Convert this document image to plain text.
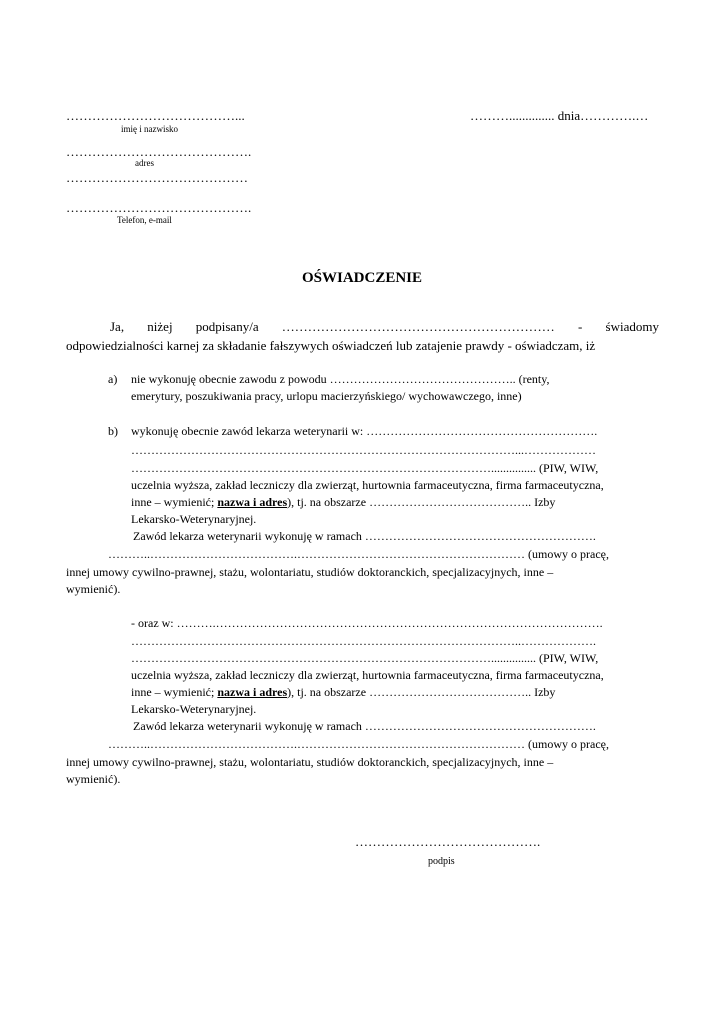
…………………………………...
imię i nazwisko
……….............. dnia………….…
…………………………………….
adres
……………………………………
…………………………………….
Telefon, e-mail
OŚWIADCZENIE
Ja, niżej podpisany/a ……………………………………………………… - świadomy
odpowiedzialności karnej za składanie fałszywych oświadczeń lub zatajenie prawdy - oświadczam, iż
a) nie wykonuję obecnie zawodu z powodu ……………………………………….. (renty,
emerytury, poszukiwania pracy, urlopu macierzyńskiego/ wychowawczego, inne)
b) wykonuję obecnie zawód lekarza weterynarii w: ………………………………………………….
……………………………………………………………………………………...………………
………………………………………………………………………………............... (PIW, WIW,
uczelnia wyższa, zakład leczniczy dla zwierząt, hurtownia farmaceutyczna, firma farmaceutyczna,
inne – wymienić; nazwa i adres), tj. na obszarze ………………………………….. Izby
Lekarsko-Weterynaryjnej.
Zawód lekarza weterynarii wykonuję w ramach ………………………………………………….
………..……………………………….………………………………………………… (umowy o pracę,
innej umowy cywilno-prawnej, stażu, wolontariatu, studiów doktoranckich, specjalizacyjnych, inne –
wymienić).
- oraz w: ……….…………………………………………………………………………………….
……………………………………………………………………………………..……………….
………………………………………………………………………………............... (PIW, WIW,
uczelnia wyższa, zakład leczniczy dla zwierząt, hurtownia farmaceutyczna, firma farmaceutyczna,
inne – wymienić; nazwa i adres), tj. na obszarze ………………………………….. Izby
Lekarsko-Weterynaryjnej.
Zawód lekarza weterynarii wykonuję w ramach ………………………………………………….
………..……………………………….………………………………………………… (umowy o pracę,
innej umowy cywilno-prawnej, stażu, wolontariatu, studiów doktoranckich, specjalizacyjnych, inne –
wymienić).
…………………………………….
podpis
